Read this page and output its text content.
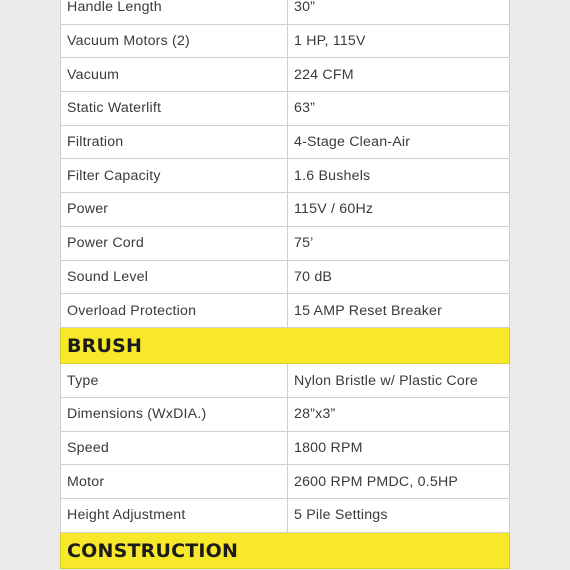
Handle Length	30”
Vacuum Motors (2)	1 HP, 115V
Vacuum	224 CFM
Static Waterlift	63”
Filtration	4-Stage Clean-Air
Filter Capacity	1.6 Bushels
Power	115V / 60Hz
Power Cord	75’
Sound Level	70 dB
Overload Protection	15 AMP Reset Breaker
BRUSH	
Type	Nylon Bristle w/ Plastic Core
Dimensions (WxDIA.)	28”x3”
Speed	1800 RPM
Motor	2600 RPM PMDC, 0.5HP
Height Adjustment	5 Pile Settings
CONSTRUCTION	
